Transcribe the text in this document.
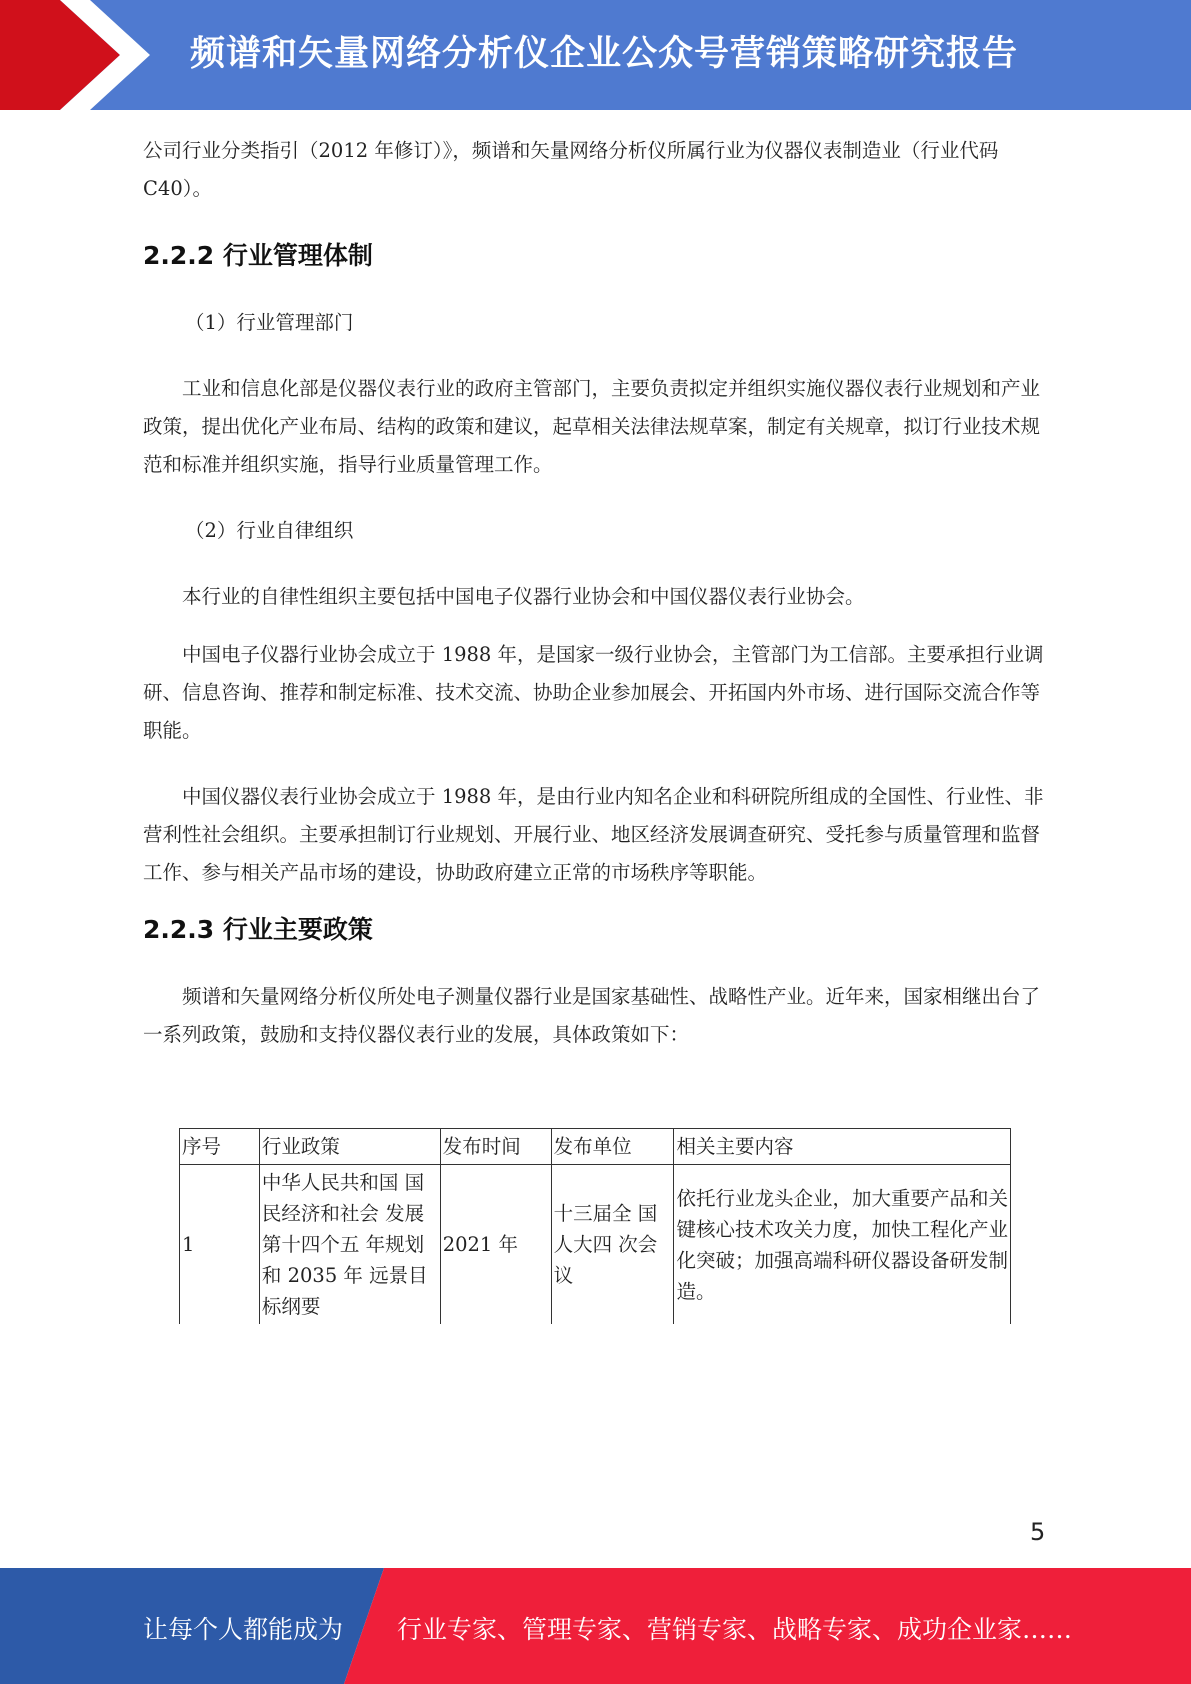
频谱和矢量网络分析仪企业公众号营销策略研究报告

公司行业分类指引（2012 年修订）》，频谱和矢量网络分析仪所属行业为仪器仪表制造业（行业代码 C40）。

2.2.2 行业管理体制

（1）行业管理部门

工业和信息化部是仪器仪表行业的政府主管部门，主要负责拟定并组织实施仪器仪表行业规划和产业政策，提出优化产业布局、结构的政策和建议，起草相关法律法规草案，制定有关规章，拟订行业技术规范和标准并组织实施，指导行业质量管理工作。

（2）行业自律组织

本行业的自律性组织主要包括中国电子仪器行业协会和中国仪器仪表行业协会。

中国电子仪器行业协会成立于 1988 年，是国家一级行业协会，主管部门为工信部。主要承担行业调研、信息咨询、推荐和制定标准、技术交流、协助企业参加展会、开拓国内外市场、进行国际交流合作等职能。

中国仪器仪表行业协会成立于 1988 年，是由行业内知名企业和科研院所组成的全国性、行业性、非营利性社会组织。主要承担制订行业规划、开展行业、地区经济发展调查研究、受托参与质量管理和监督工作、参与相关产品市场的建设，协助政府建立正常的市场秩序等职能。

2.2.3 行业主要政策

频谱和矢量网络分析仪所处电子测量仪器行业是国家基础性、战略性产业。近年来，国家相继出台了一系列政策，鼓励和支持仪器仪表行业的发展，具体政策如下：

序号	行业政策	发布时间	发布单位	相关主要内容
1	中华人民共和国 国民经济和社会 发展第十四个五 年规划和 2035 年 远景目标纲要	2021 年	十三届全 国人大四 次会议	依托行业龙头企业，加大重要产品和关键核心技术攻关力度，加快工程化产业化突破；加强高端科研仪器设备研发制造。
5
让每个人都能成为 行业专家、管理专家、营销专家、战略专家、成功企业家……
